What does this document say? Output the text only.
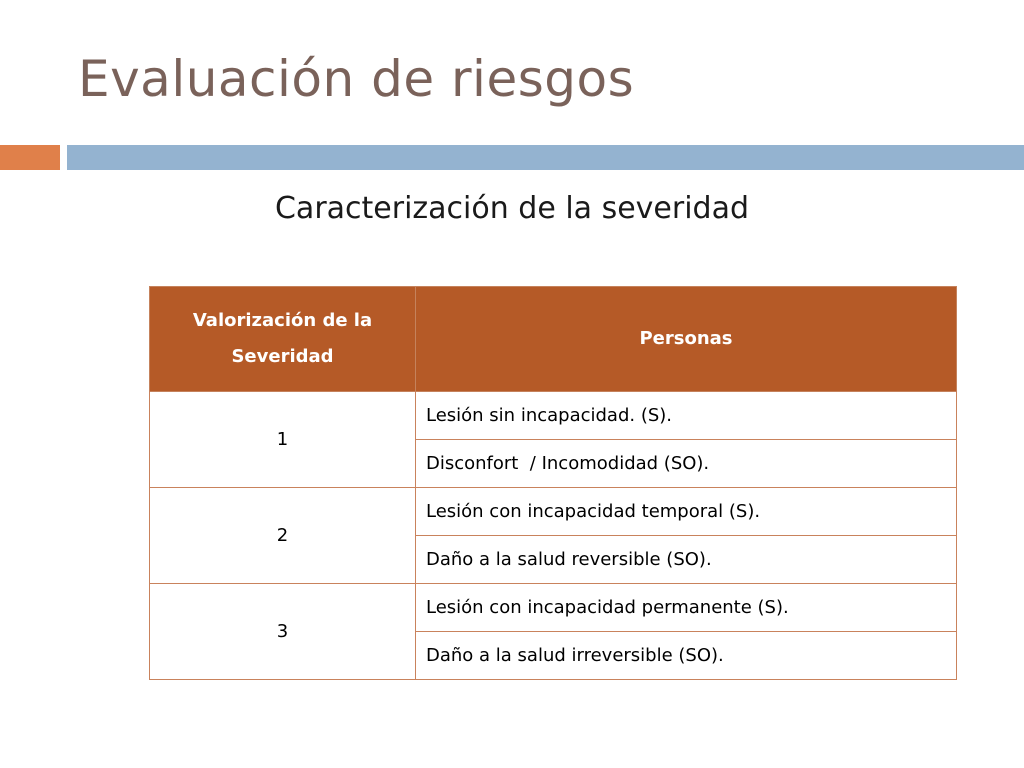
Evaluación de riesgos
Caracterización de la severidad
Valorización de la Severidad	Personas
1	Lesión sin incapacidad. (S).
	Disconfort  / Incomodidad (SO).
2	Lesión con incapacidad temporal (S).
	Daño a la salud reversible (SO).
3	Lesión con incapacidad permanente (S).
	Daño a la salud irreversible (SO).
